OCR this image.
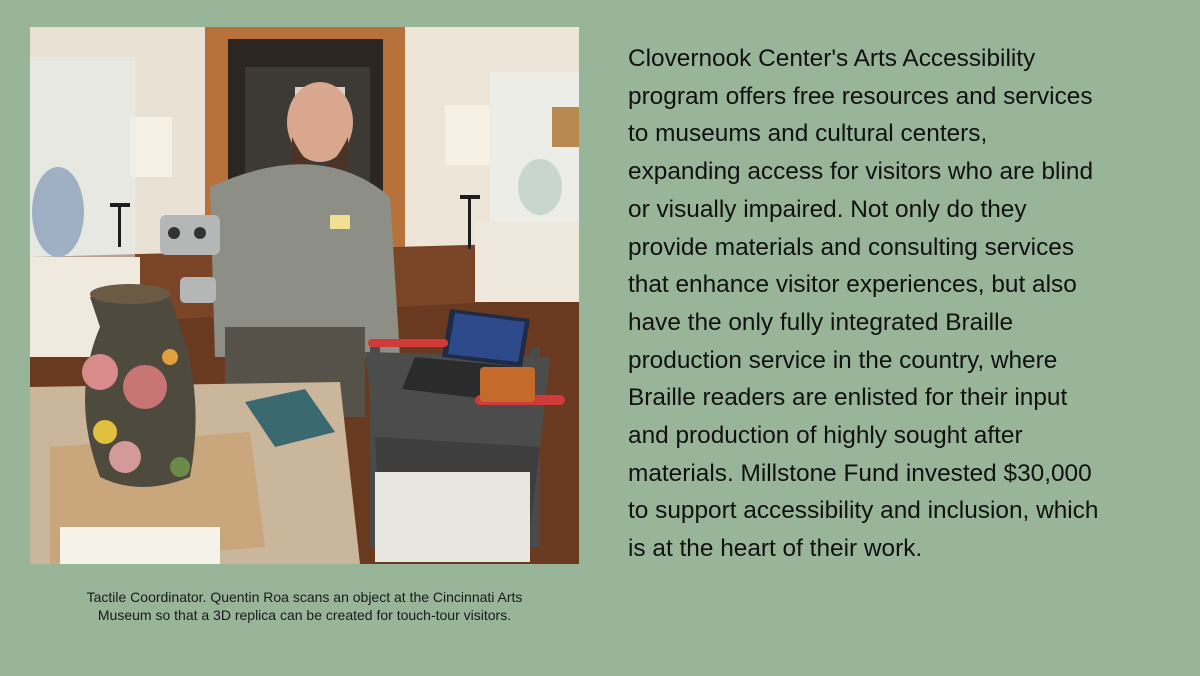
Tactile Coordinator. Quentin Roa scans an object at the Cincinnati Arts
Museum so that a 3D replica can be created for touch-tour visitors.
Clovernook Center's Arts Accessibility
program offers free resources and services
to museums and cultural centers,
expanding access for visitors who are blind
or visually impaired. Not only do they
provide materials and consulting services
that enhance visitor experiences, but also
have the only fully integrated Braille
production service in the country, where
Braille readers are enlisted for their input
and production of highly sought after
materials. Millstone Fund invested $30,000
to support accessibility and inclusion, which
is at the heart of their work.
